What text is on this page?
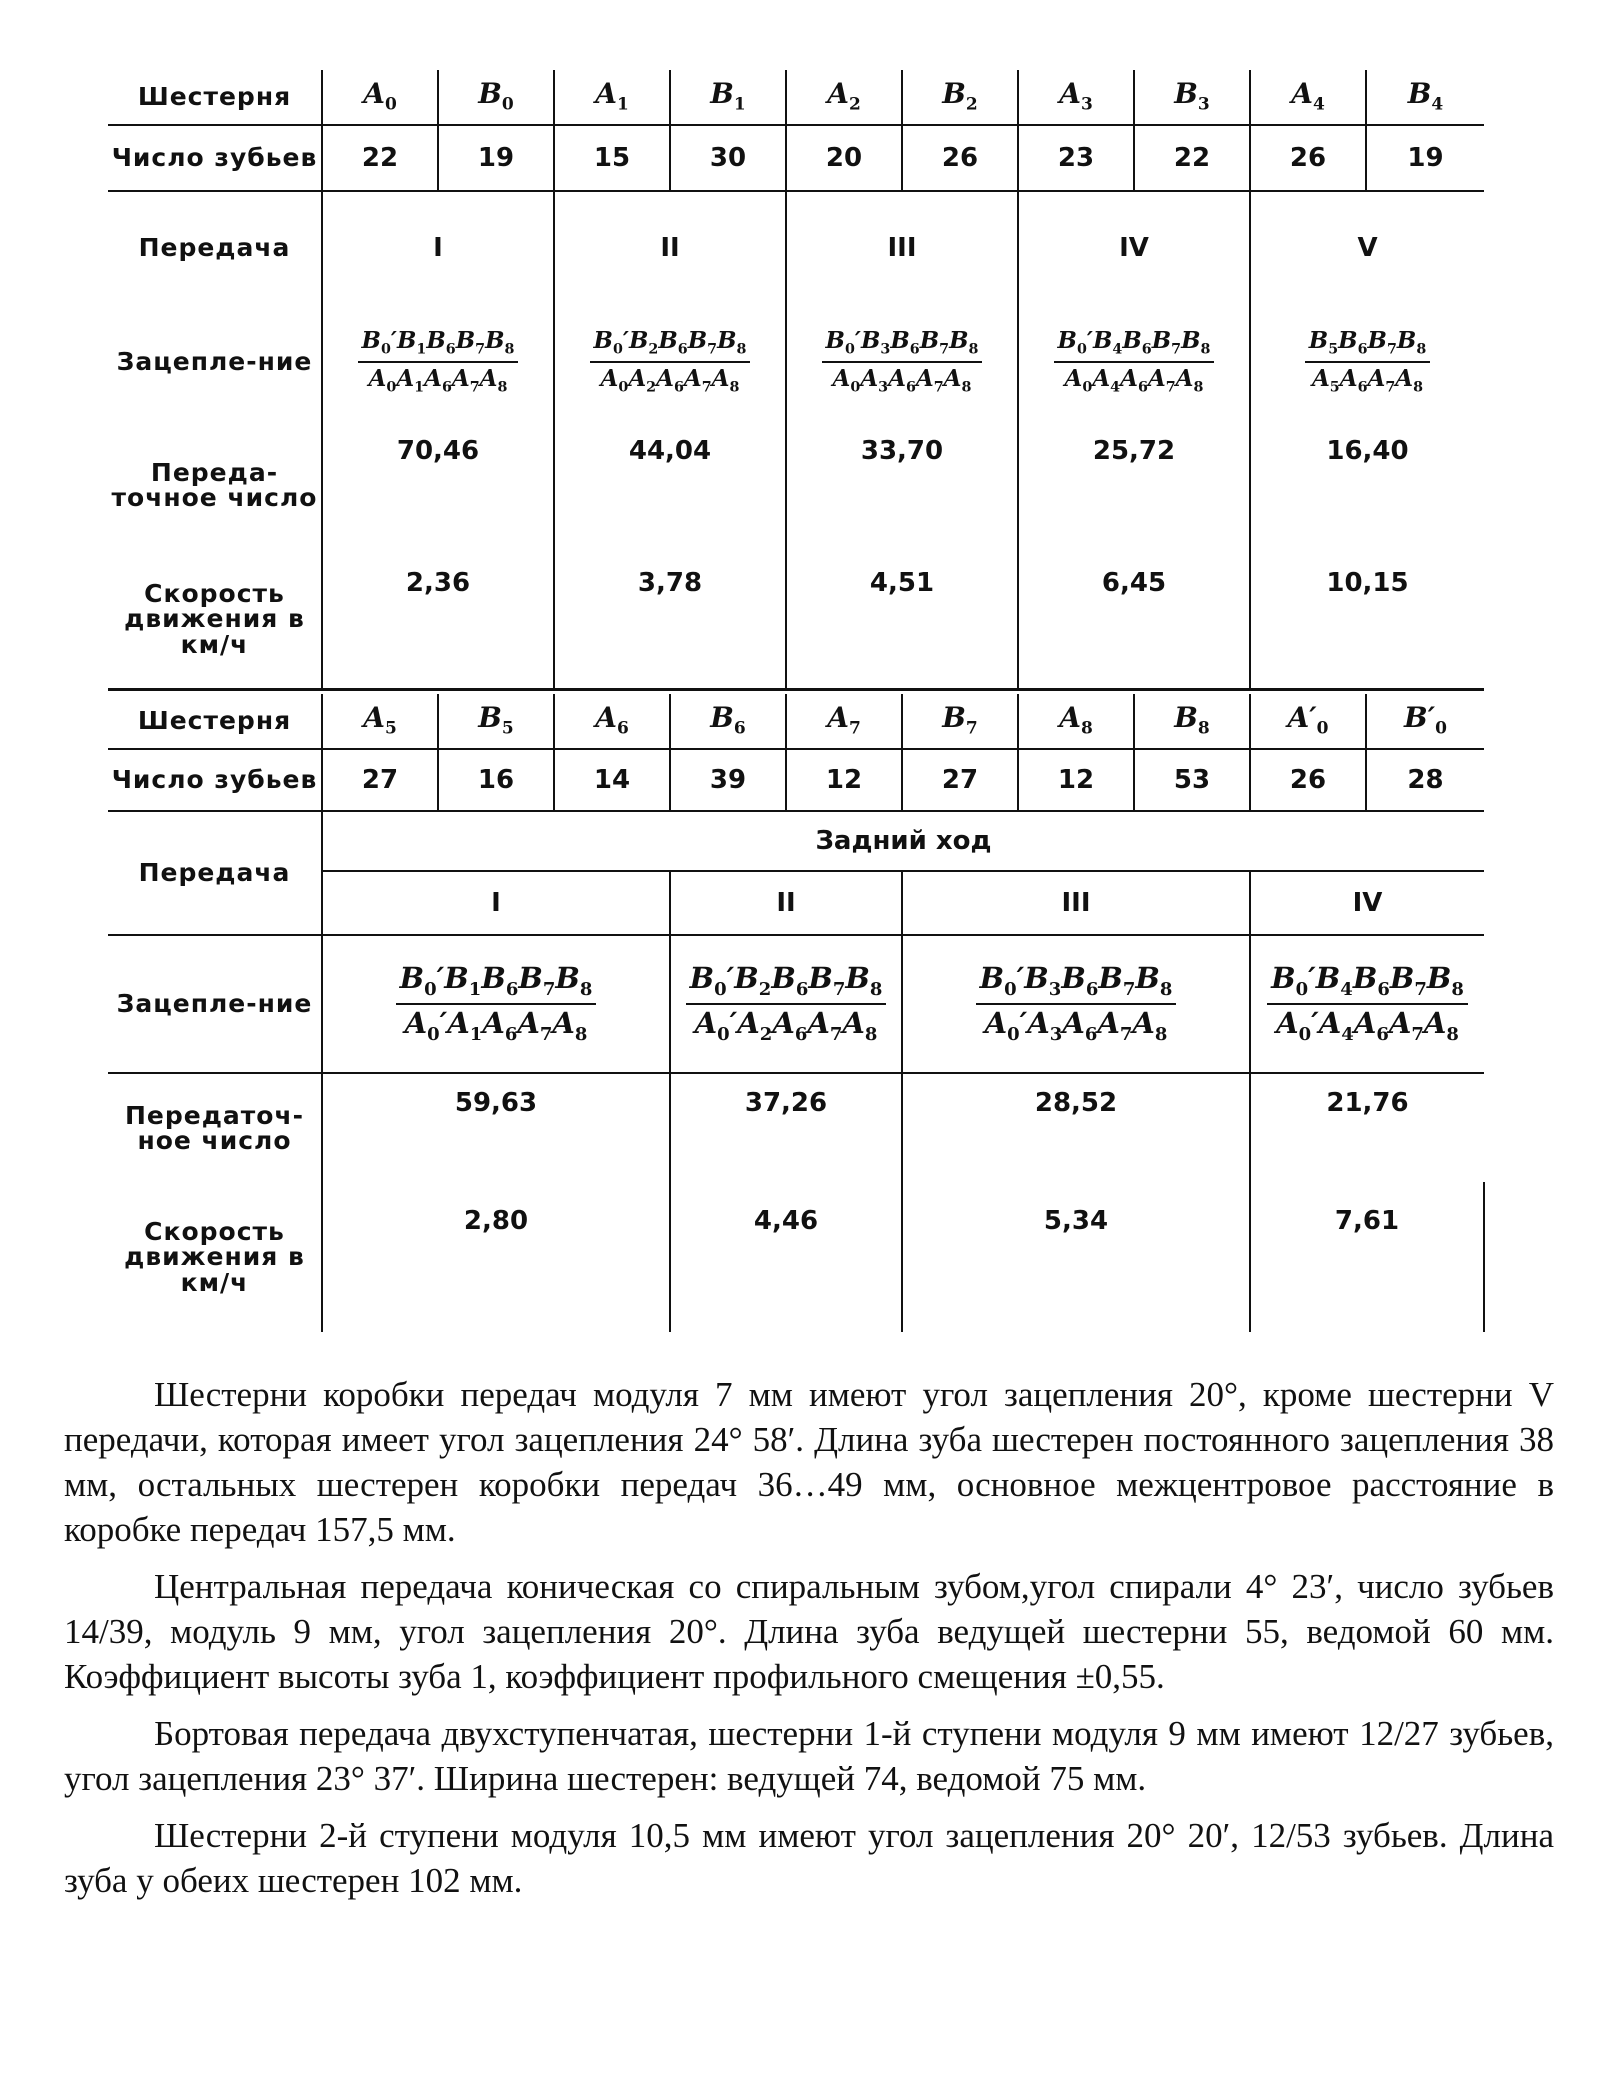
Шестерня	$A_0$	$B_0$	$A_1$	$B_1$	$A_2$	$B_2$	$A_3$	$B_3$	$A_4$	$B_4$
Число зубьев	22	19	15	30	20	26	23	22	26	19
Передача	I		II		III		IV		V	
Зацепле-ние	$\frac{B_0'B_1B_6B_7B_8}{A_0A_1A_6A_7A_8}$		$\frac{B_0'B_2B_6B_7B_8}{A_0A_2A_6A_7A_8}$		$\frac{B_0'B_3B_6B_7B_8}{A_0A_3A_6A_7A_8}$		$\frac{B_0'B_4B_6B_7B_8}{A_0A_4A_6A_7A_8}$		$\frac{B_5B_6B_7B_8}{A_5A_6A_7A_8}$

Переда-точное число	70,46		44,04		33,70		25,72		16,40	
Скорость движения в км/ч	2,36		3,78		4,51		6,45		10,15	
Шестерня	$A_5$	$B_5$	$A_6$	$B_6$	$A_7$	$B_7$	$A_8$	$B_8$	$A'_0$	$B'_0$
Число зубьев	27	16	14	39	12	27	12	53	26	28
Передача	Задний ход									
	I			II		III			IV	
Зацепле-ние	$\frac{B_0'B_1B_6B_7B_8}{A_0'A_1A_6A_7A_8}$			$\frac{B_0'B_2B_6B_7B_8}{A_0'A_2A_6A_7A_8}$		$\frac{B_0'B_3B_6B_7B_8}{A_0'A_3A_6A_7A_8}$			$\frac{B_0'B_4B_6B_7B_8}{A_0'A_4A_6A_7A_8}$

Передаточ-ное число	59,63			37,26		28,52			21,76	
Скорость движения в км/ч	2,80			4,46		5,34			7,61	

Шестерни коробки передач модуля 7 мм имеют угол зацепления 20°, кроме шестерни V передачи, которая имеет угол зацепления 24° 58′. Длина зуба шестерен постоянного зацепления 38 мм, остальных шестерен коробки передач 36…49 мм, основное межцентровое расстояние в коробке передач 157,5 мм.

Центральная передача коническая со спиральным зубом,угол спирали 4° 23′, число зубьев 14/39, модуль 9 мм, угол зацепления 20°. Длина зуба ведущей шестерни 55, ведомой 60 мм. Коэффициент высоты зуба 1, коэффициент профильного смещения ±0,55.

Бортовая передача двухступенчатая, шестерни 1-й ступени модуля 9 мм имеют 12/27 зубьев, угол зацепления 23° 37′. Ширина шестерен: ведущей 74, ведомой 75 мм.

Шестерни 2-й ступени модуля 10,5 мм имеют угол зацепления 20° 20′, 12/53 зубьев. Длина зуба у обеих шестерен 102 мм.
